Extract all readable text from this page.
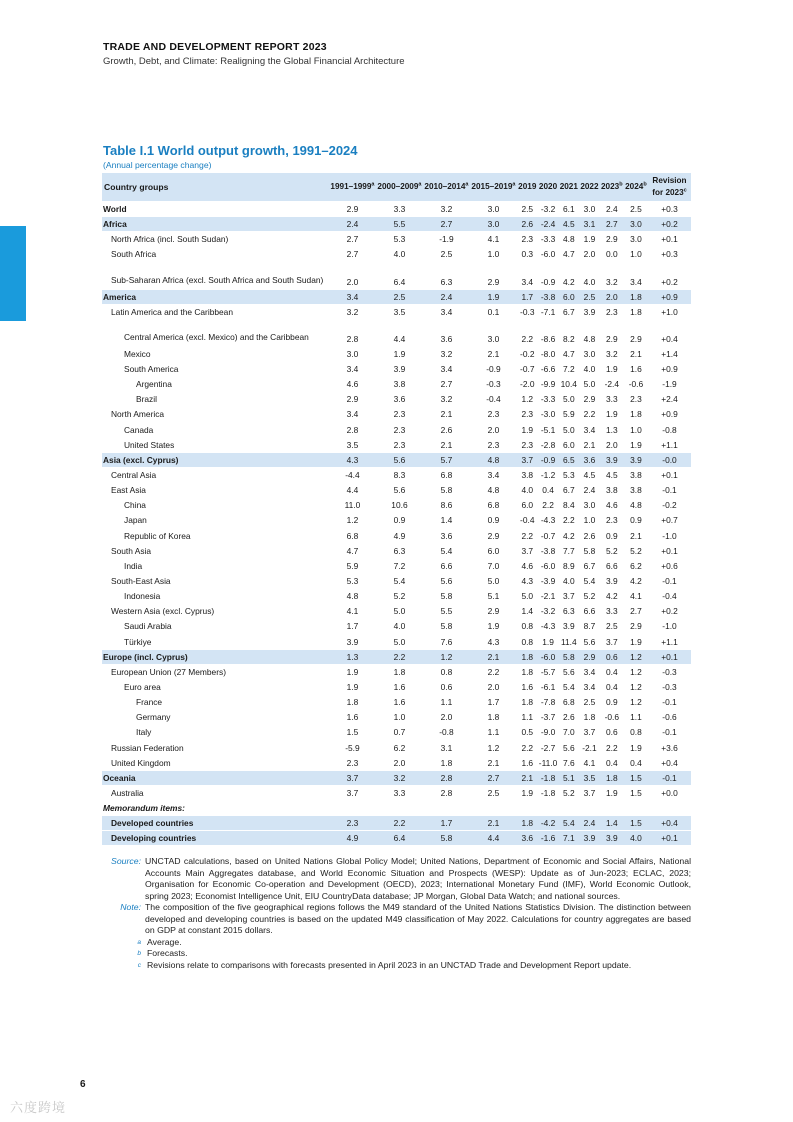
TRADE AND DEVELOPMENT REPORT 2023
Growth, Debt, and Climate: Realigning the Global Financial Architecture
Table I.1 World output growth, 1991–2024
(Annual percentage change)
Country groups	1991–1999$^a$	2000–2009$^a$	2010–2014$^a$	2015–2019$^a$	2019	2020	2021	2022	2023$^b$	2024$^b$	Revision for 2023$^c$
World	2.9	3.3	3.2	3.0	2.5	-3.2	6.1	3.0	2.4	2.5	+0.3
Africa	2.4	5.5	2.7	3.0	2.6	-2.4	4.5	3.1	2.7	3.0	+0.2
North Africa (incl. South Sudan)	2.7	5.3	-1.9	4.1	2.3	-3.3	4.8	1.9	2.9	3.0	+0.1
South Africa	2.7	4.0	2.5	1.0	0.3	-6.0	4.7	2.0	0.0	1.0	+0.3
Sub-Saharan Africa (excl. South Africa and South Sudan)	2.0	6.4	6.3	2.9	3.4	-0.9	4.2	4.0	3.2	3.4	+0.2
America	3.4	2.5	2.4	1.9	1.7	-3.8	6.0	2.5	2.0	1.8	+0.9
Latin America and the Caribbean	3.2	3.5	3.4	0.1	-0.3	-7.1	6.7	3.9	2.3	1.8	+1.0
Central America (excl. Mexico) and the Caribbean	2.8	4.4	3.6	3.0	2.2	-8.6	8.2	4.8	2.9	2.9	+0.4
Mexico	3.0	1.9	3.2	2.1	-0.2	-8.0	4.7	3.0	3.2	2.1	+1.4
South America	3.4	3.9	3.4	-0.9	-0.7	-6.6	7.2	4.0	1.9	1.6	+0.9
Argentina	4.6	3.8	2.7	-0.3	-2.0	-9.9	10.4	5.0	-2.4	-0.6	-1.9
Brazil	2.9	3.6	3.2	-0.4	1.2	-3.3	5.0	2.9	3.3	2.3	+2.4
North America	3.4	2.3	2.1	2.3	2.3	-3.0	5.9	2.2	1.9	1.8	+0.9
Canada	2.8	2.3	2.6	2.0	1.9	-5.1	5.0	3.4	1.3	1.0	-0.8
United States	3.5	2.3	2.1	2.3	2.3	-2.8	6.0	2.1	2.0	1.9	+1.1
Asia (excl. Cyprus)	4.3	5.6	5.7	4.8	3.7	-0.9	6.5	3.6	3.9	3.9	-0.0
Central Asia	-4.4	8.3	6.8	3.4	3.8	-1.2	5.3	4.5	4.5	3.8	+0.1
East Asia	4.4	5.6	5.8	4.8	4.0	0.4	6.7	2.4	3.8	3.8	-0.1
China	11.0	10.6	8.6	6.8	6.0	2.2	8.4	3.0	4.6	4.8	-0.2
Japan	1.2	0.9	1.4	0.9	-0.4	-4.3	2.2	1.0	2.3	0.9	+0.7
Republic of Korea	6.8	4.9	3.6	2.9	2.2	-0.7	4.2	2.6	0.9	2.1	-1.0
South Asia	4.7	6.3	5.4	6.0	3.7	-3.8	7.7	5.8	5.2	5.2	+0.1
India	5.9	7.2	6.6	7.0	4.6	-6.0	8.9	6.7	6.6	6.2	+0.6
South-East Asia	5.3	5.4	5.6	5.0	4.3	-3.9	4.0	5.4	3.9	4.2	-0.1
Indonesia	4.8	5.2	5.8	5.1	5.0	-2.1	3.7	5.2	4.2	4.1	-0.4
Western Asia (excl. Cyprus)	4.1	5.0	5.5	2.9	1.4	-3.2	6.3	6.6	3.3	2.7	+0.2
Saudi Arabia	1.7	4.0	5.8	1.9	0.8	-4.3	3.9	8.7	2.5	2.9	-1.0
Türkiye	3.9	5.0	7.6	4.3	0.8	1.9	11.4	5.6	3.7	1.9	+1.1
Europe (incl. Cyprus)	1.3	2.2	1.2	2.1	1.8	-6.0	5.8	2.9	0.6	1.2	+0.1
European Union (27 Members)	1.9	1.8	0.8	2.2	1.8	-5.7	5.6	3.4	0.4	1.2	-0.3
Euro area	1.9	1.6	0.6	2.0	1.6	-6.1	5.4	3.4	0.4	1.2	-0.3
France	1.8	1.6	1.1	1.7	1.8	-7.8	6.8	2.5	0.9	1.2	-0.1
Germany	1.6	1.0	2.0	1.8	1.1	-3.7	2.6	1.8	-0.6	1.1	-0.6
Italy	1.5	0.7	-0.8	1.1	0.5	-9.0	7.0	3.7	0.6	0.8	-0.1
Russian Federation	-5.9	6.2	3.1	1.2	2.2	-2.7	5.6	-2.1	2.2	1.9	+3.6
United Kingdom	2.3	2.0	1.8	2.1	1.6	-11.0	7.6	4.1	0.4	0.4	+0.4
Oceania	3.7	3.2	2.8	2.7	2.1	-1.8	5.1	3.5	1.8	1.5	-0.1
Australia	3.7	3.3	2.8	2.5	1.9	-1.8	5.2	3.7	1.9	1.5	+0.0
Memorandum items:											
Developed countries	2.3	2.2	1.7	2.1	1.8	-4.2	5.4	2.4	1.4	1.5	+0.4
Developing countries	4.9	6.4	5.8	4.4	3.6	-1.6	7.1	3.9	3.9	4.0	+0.1
Source: UNCTAD calculations, based on United Nations Global Policy Model; United Nations, Department of Economic and Social Affairs, National Accounts Main Aggregates database, and World Economic Situation and Prospects (WESP): Update as of Jun-2023; ECLAC, 2023; Organisation for Economic Co-operation and Development (OECD), 2023; International Monetary Fund (IMF), World Economic Outlook, spring 2023; Economist Intelligence Unit, EIU CountryData database; JP Morgan, Global Data Watch; and national sources.
Note: The composition of the five geographical regions follows the M49 standard of the United Nations Statistics Division. The distinction between developed and developing countries is based on the updated M49 classification of May 2022. Calculations for country aggregates are based on GDP at constant 2015 dollars.
a Average.
b Forecasts.
c Revisions relate to comparisons with forecasts presented in April 2023 in an UNCTAD Trade and Development Report update.
6
六度跨境
